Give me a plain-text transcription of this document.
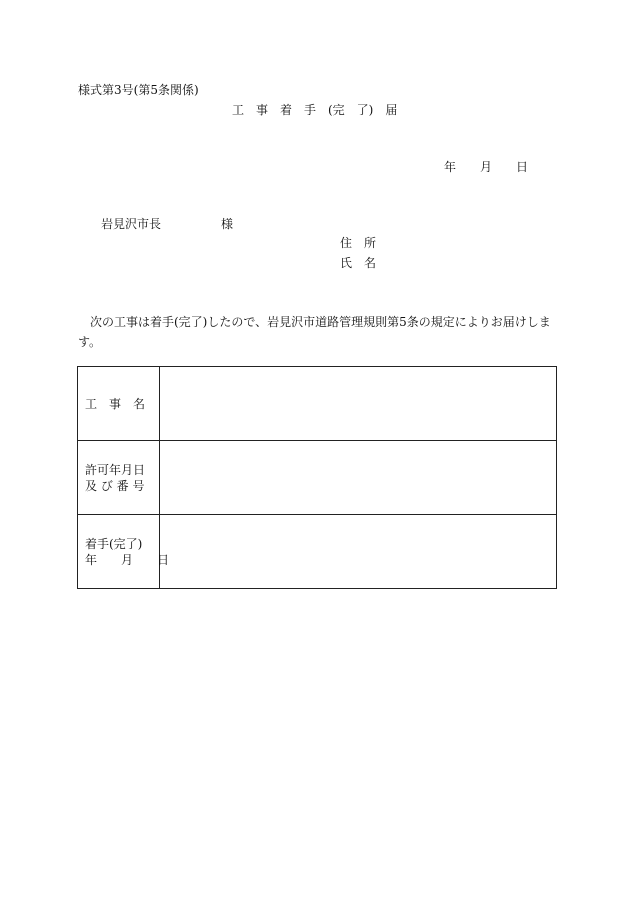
様式第3号(第5条関係)
工　事　着　手　(完　了)　届
年　　月　　日
岩見沢市長　　　　　様
住　所
氏　名
次の工事は着手(完了)したので、岩見沢市道路管理規則第5条の規定によりお届けしま
す。
工　事　名	

許可年月日
及 び 番 号	

着手(完了)
年　　月　　日	
